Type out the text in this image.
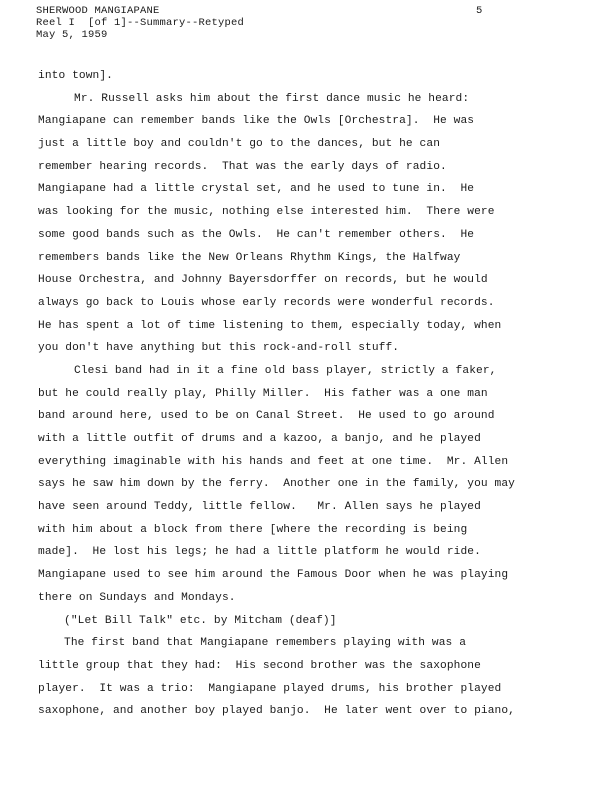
SHERWOOD MANGIAPANE
Reel I  [of 1]--Summary--Retyped
May 5, 1959
5
into town].
Mr. Russell asks him about the first dance music he heard:
Mangiapane can remember bands like the Owls [Orchestra].  He was
just a little boy and couldn't go to the dances, but he can
remember hearing records.  That was the early days of radio.
Mangiapane had a little crystal set, and he used to tune in.  He
was looking for the music, nothing else interested him.  There were
some good bands such as the Owls.  He can't remember others.  He
remembers bands like the New Orleans Rhythm Kings, the Halfway
House Orchestra, and Johnny Bayersdorffer on records, but he would
always go back to Louis whose early records were wonderful records.
He has spent a lot of time listening to them, especially today, when
you don't have anything but this rock-and-roll stuff.
Clesi band had in it a fine old bass player, strictly a faker,
but he could really play, Philly Miller.  His father was a one man
band around here, used to be on Canal Street.  He used to go around
with a little outfit of drums and a kazoo, a banjo, and he played
everything imaginable with his hands and feet at one time.  Mr. Allen
says he saw him down by the ferry.  Another one in the family, you may
have seen around Teddy, little fellow.   Mr. Allen says he played
with him about a block from there [where the recording is being
made].  He lost his legs; he had a little platform he would ride.
Mangiapane used to see him around the Famous Door when he was playing
there on Sundays and Mondays.
("Let Bill Talk" etc. by Mitcham (deaf)]
The first band that Mangiapane remembers playing with was a
little group that they had:  His second brother was the saxophone
player.  It was a trio:  Mangiapane played drums, his brother played
saxophone, and another boy played banjo.  He later went over to piano,
